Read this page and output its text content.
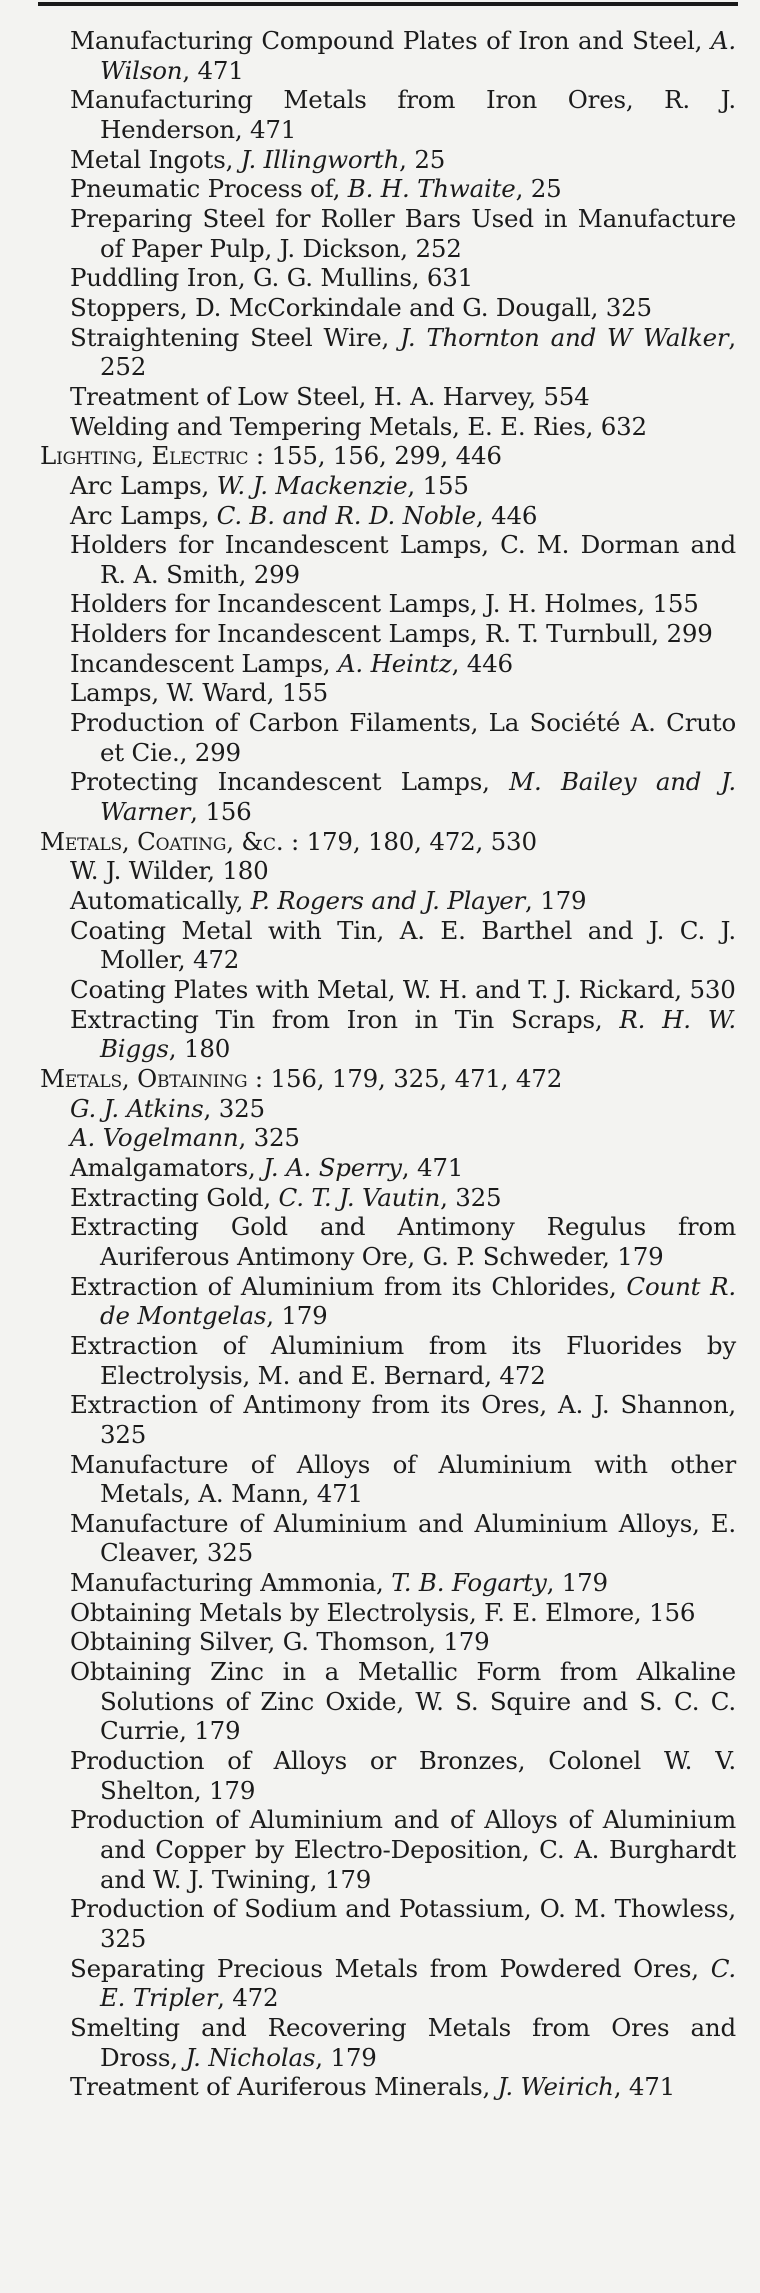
Manufacturing Compound Plates of Iron and Steel, A. Wilson, 471
Manufacturing Metals from Iron Ores, R. J. Henderson, 471
Metal Ingots, J. Illingworth, 25
Pneumatic Process of, B. H. Thwaite, 25
Preparing Steel for Roller Bars Used in Manufacture of Paper Pulp, J. Dickson, 252
Puddling Iron, G. G. Mullins, 631
Stoppers, D. McCorkindale and G. Dougall, 325
Straightening Steel Wire, J. Thornton and W Walker, 252
Treatment of Low Steel, H. A. Harvey, 554
Welding and Tempering Metals, E. E. Ries, 632
Lighting, Electric : 155, 156, 299, 446
Arc Lamps, W. J. Mackenzie, 155
Arc Lamps, C. B. and R. D. Noble, 446
Holders for Incandescent Lamps, C. M. Dorman and R. A. Smith, 299
Holders for Incandescent Lamps, J. H. Holmes, 155
Holders for Incandescent Lamps, R. T. Turnbull, 299
Incandescent Lamps, A. Heintz, 446
Lamps, W. Ward, 155
Production of Carbon Filaments, La Société A. Cruto et Cie., 299
Protecting Incandescent Lamps, M. Bailey and J. Warner, 156
Metals, Coating, &c. : 179, 180, 472, 530
W. J. Wilder, 180
Automatically, P. Rogers and J. Player, 179
Coating Metal with Tin, A. E. Barthel and J. C. J. Moller, 472
Coating Plates with Metal, W. H. and T. J. Rickard, 530
Extracting Tin from Iron in Tin Scraps, R. H. W. Biggs, 180
Metals, Obtaining : 156, 179, 325, 471, 472
G. J. Atkins, 325
A. Vogelmann, 325
Amalgamators, J. A. Sperry, 471
Extracting Gold, C. T. J. Vautin, 325
Extracting Gold and Antimony Regulus from Auriferous Antimony Ore, G. P. Schweder, 179
Extraction of Aluminium from its Chlorides, Count R. de Montgelas, 179
Extraction of Aluminium from its Fluorides by Electrolysis, M. and E. Bernard, 472
Extraction of Antimony from its Ores, A. J. Shannon, 325
Manufacture of Alloys of Aluminium with other Metals, A. Mann, 471
Manufacture of Aluminium and Aluminium Alloys, E. Cleaver, 325
Manufacturing Ammonia, T. B. Fogarty, 179
Obtaining Metals by Electrolysis, F. E. Elmore, 156
Obtaining Silver, G. Thomson, 179
Obtaining Zinc in a Metallic Form from Alkaline Solutions of Zinc Oxide, W. S. Squire and S. C. C. Currie, 179
Production of Alloys or Bronzes, Colonel W. V. Shelton, 179
Production of Aluminium and of Alloys of Aluminium and Copper by Electro-Deposition, C. A. Burghardt and W. J. Twining, 179
Production of Sodium and Potassium, O. M. Thowless, 325
Separating Precious Metals from Powdered Ores, C. E. Tripler, 472
Smelting and Recovering Metals from Ores and Dross, J. Nicholas, 179
Treatment of Auriferous Minerals, J. Weirich, 471
